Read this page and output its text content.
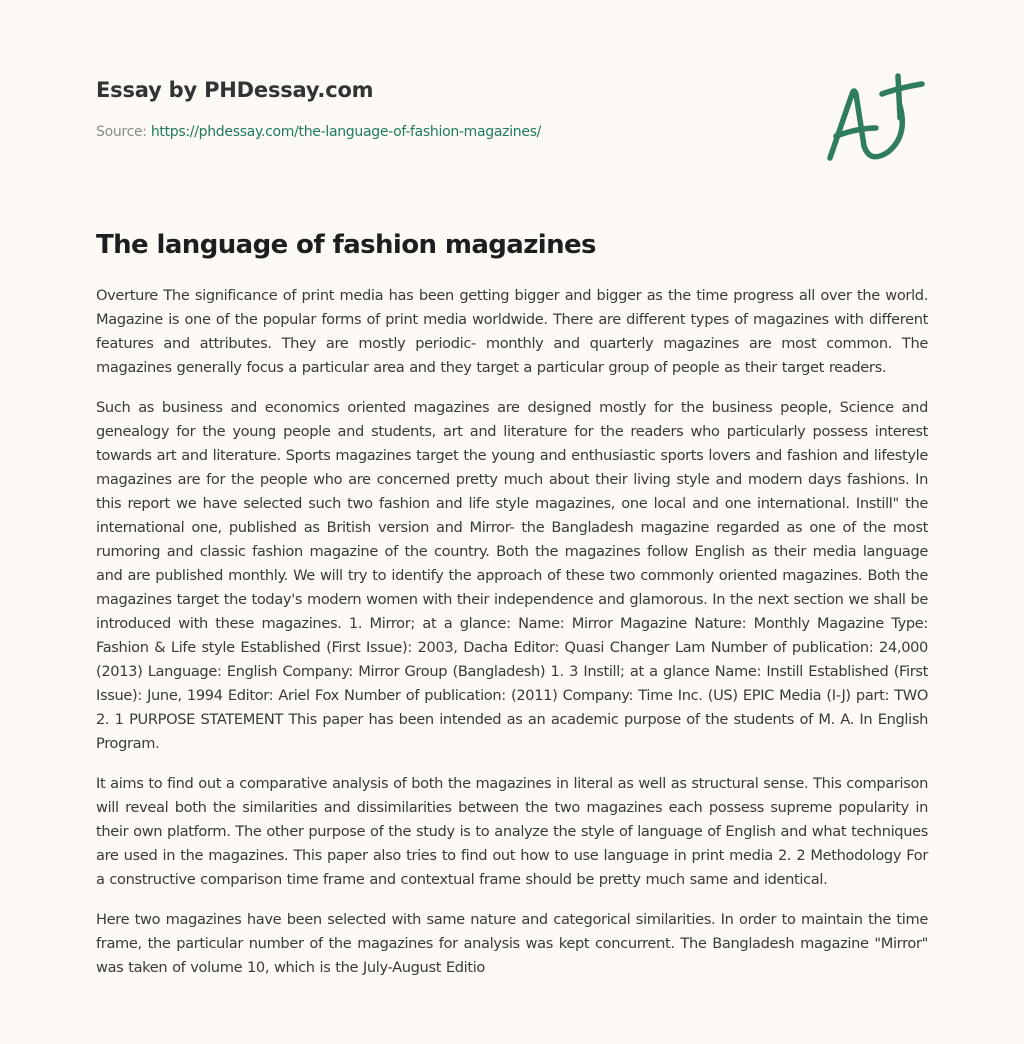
Essay by PHDessay.com
Source: https://phdessay.com/the-language-of-fashion-magazines/
The language of fashion magazines

Overture The significance of print media has been getting bigger and bigger as the time progress all over the world. Magazine is one of the popular forms of print media worldwide. There are different types of magazines with different features and attributes. They are mostly periodic- monthly and quarterly magazines are most common. The magazines generally focus a particular area and they target a particular group of people as their target readers.

Such as business and economics oriented magazines are designed mostly for the business people, Science and genealogy for the young people and students, art and literature for the readers who particularly possess interest towards art and literature. Sports magazines target the young and enthusiastic sports lovers and fashion and lifestyle magazines are for the people who are concerned pretty much about their living style and modern days fashions. In this report we have selected such two fashion and life style magazines, one local and one international. Instill" the international one, published as British version and Mirror- the Bangladesh magazine regarded as one of the most rumoring and classic fashion magazine of the country. Both the magazines follow English as their media language and are published monthly. We will try to identify the approach of these two commonly oriented magazines. Both the magazines target the today's modern women with their independence and glamorous. In the next section we shall be introduced with these magazines. 1. Mirror; at a glance: Name: Mirror Magazine Nature: Monthly Magazine Type: Fashion & Life style Established (First Issue): 2003, Dacha Editor: Quasi Changer Lam Number of publication: 24,000 (2013) Language: English Company: Mirror Group (Bangladesh) 1. 3 Instill; at a glance Name: Instill Established (First Issue): June, 1994 Editor: Ariel Fox Number of publication: (2011) Company: Time Inc. (US) EPIC Media (I-J) part: TWO 2. 1 PURPOSE STATEMENT This paper has been intended as an academic purpose of the students of M. A. In English Program.

It aims to find out a comparative analysis of both the magazines in literal as well as structural sense. This comparison will reveal both the similarities and dissimilarities between the two magazines each possess supreme popularity in their own platform. The other purpose of the study is to analyze the style of language of English and what techniques are used in the magazines. This paper also tries to find out how to use language in print media 2. 2 Methodology For a constructive comparison time frame and contextual frame should be pretty much same and identical.

Here two magazines have been selected with same nature and categorical similarities. In order to maintain the time frame, the particular number of the magazines for analysis was kept concurrent. The Bangladesh magazine "Mirror" was taken of volume 10, which is the July-August Editio
